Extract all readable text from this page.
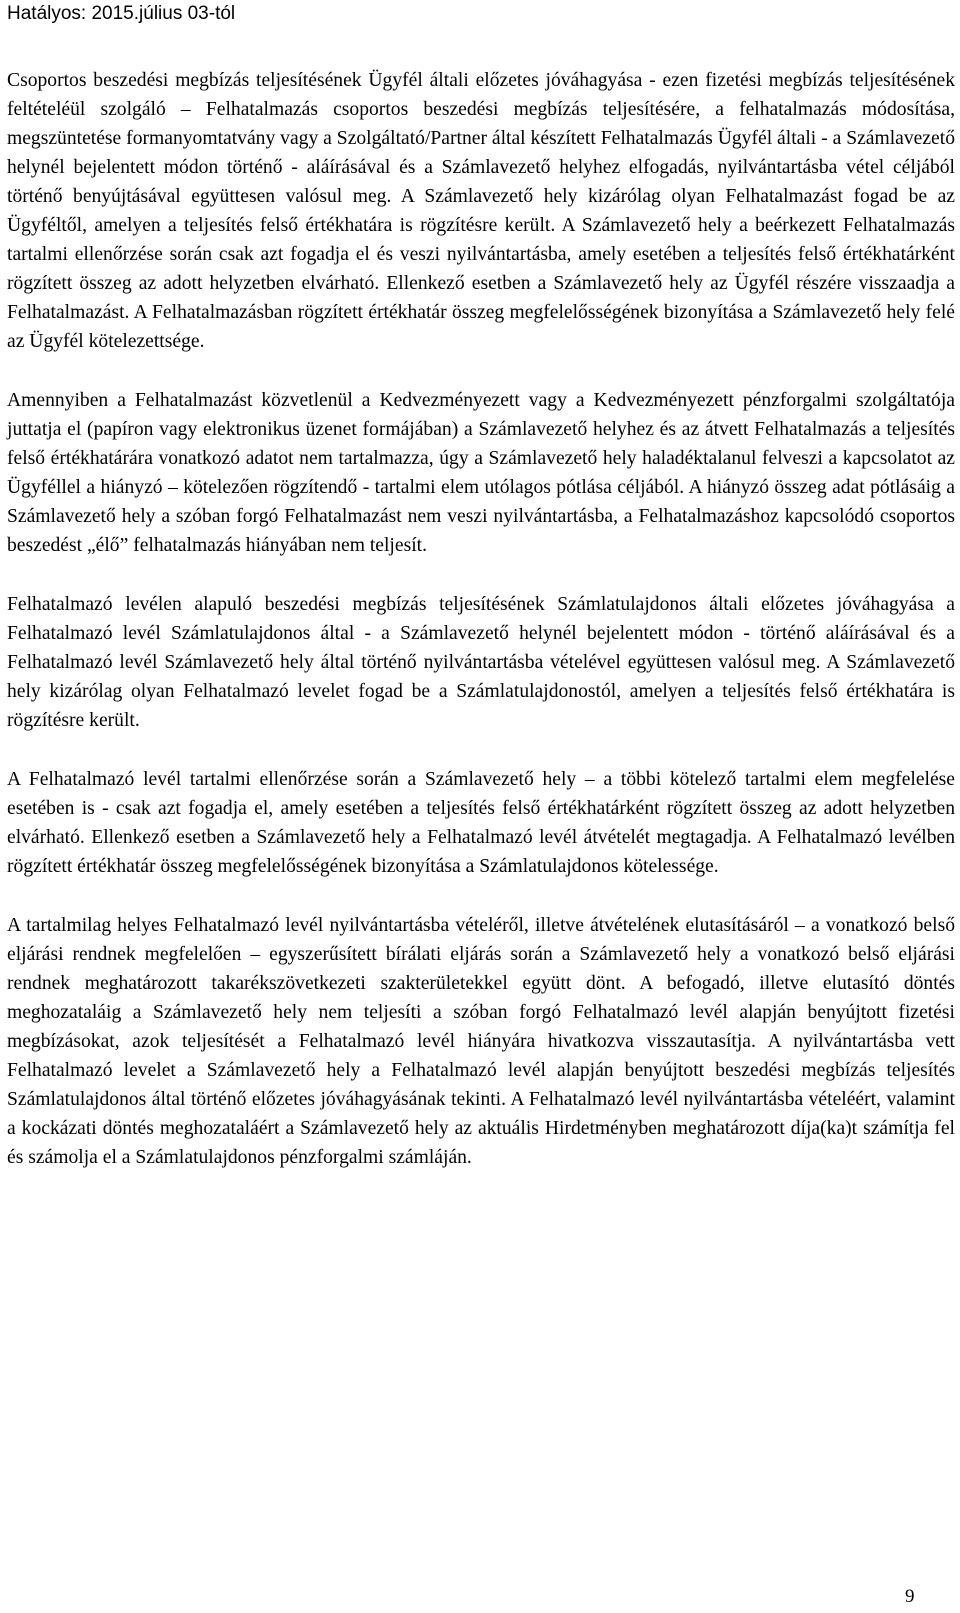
Hatályos: 2015.július 03-tól

Csoportos beszedési megbízás teljesítésének Ügyfél általi előzetes jóváhagyása - ezen fizetési megbízás teljesítésének feltételéül szolgáló – Felhatalmazás csoportos beszedési megbízás teljesítésére, a felhatalmazás módosítása, megszüntetése formanyomtatvány vagy a Szolgáltató/Partner által készített Felhatalmazás Ügyfél általi - a Számlavezető helynél bejelentett módon történő - aláírásával és a Számlavezető helyhez elfogadás, nyilvántartásba vétel céljából történő benyújtásával együttesen valósul meg. A Számlavezető hely kizárólag olyan Felhatalmazást fogad be az Ügyféltől, amelyen a teljesítés felső értékhatára is rögzítésre került. A Számlavezető hely a beérkezett Felhatalmazás tartalmi ellenőrzése során csak azt fogadja el és veszi nyilvántartásba, amely esetében a teljesítés felső értékhatárként rögzített összeg az adott helyzetben elvárható. Ellenkező esetben a Számlavezető hely az Ügyfél részére visszaadja a Felhatalmazást. A Felhatalmazásban rögzített értékhatár összeg megfelelősségének bizonyítása a Számlavezető hely felé az Ügyfél kötelezettsége.

Amennyiben a Felhatalmazást közvetlenül a Kedvezményezett vagy a Kedvezményezett pénzforgalmi szolgáltatója juttatja el (papíron vagy elektronikus üzenet formájában) a Számlavezető helyhez és az átvett Felhatalmazás a teljesítés felső értékhatárára vonatkozó adatot nem tartalmazza, úgy a Számlavezető hely haladéktalanul felveszi a kapcsolatot az Ügyféllel a hiányzó – kötelezően rögzítendő - tartalmi elem utólagos pótlása céljából. A hiányzó összeg adat pótlásáig a Számlavezető hely a szóban forgó Felhatalmazást nem veszi nyilvántartásba, a Felhatalmazáshoz kapcsolódó csoportos beszedést „élő” felhatalmazás hiányában nem teljesít.

Felhatalmazó levélen alapuló beszedési megbízás teljesítésének Számlatulajdonos általi előzetes jóváhagyása a Felhatalmazó levél Számlatulajdonos által - a Számlavezető helynél bejelentett módon - történő aláírásával és a Felhatalmazó levél Számlavezető hely által történő nyilvántartásba vételével együttesen valósul meg. A Számlavezető hely kizárólag olyan Felhatalmazó levelet fogad be a Számlatulajdonostól, amelyen a teljesítés felső értékhatára is rögzítésre került.

A Felhatalmazó levél tartalmi ellenőrzése során a Számlavezető hely – a többi kötelező tartalmi elem megfelelése esetében is - csak azt fogadja el, amely esetében a teljesítés felső értékhatárként rögzített összeg az adott helyzetben elvárható. Ellenkező esetben a Számlavezető hely a Felhatalmazó levél átvételét megtagadja. A Felhatalmazó levélben rögzített értékhatár összeg megfelelősségének bizonyítása a Számlatulajdonos kötelessége.

A tartalmilag helyes Felhatalmazó levél nyilvántartásba vételéről, illetve átvételének elutasításáról – a vonatkozó belső eljárási rendnek megfelelően – egyszerűsített bírálati eljárás során a Számlavezető hely a vonatkozó belső eljárási rendnek meghatározott takarékszövetkezeti szakterületekkel együtt dönt. A befogadó, illetve elutasító döntés meghozataláig a Számlavezető hely nem teljesíti a szóban forgó Felhatalmazó levél alapján benyújtott fizetési megbízásokat, azok teljesítését a Felhatalmazó levél hiányára hivatkozva visszautasítja. A nyilvántartásba vett Felhatalmazó levelet a Számlavezető hely a Felhatalmazó levél alapján benyújtott beszedési megbízás teljesítés Számlatulajdonos által történő előzetes jóváhagyásának tekinti. A Felhatalmazó levél nyilvántartásba vételéért, valamint a kockázati döntés meghozataláért a Számlavezető hely az aktuális Hirdetményben meghatározott díja(ka)t számítja fel és számolja el a Számlatulajdonos pénzforgalmi számláján.

9
